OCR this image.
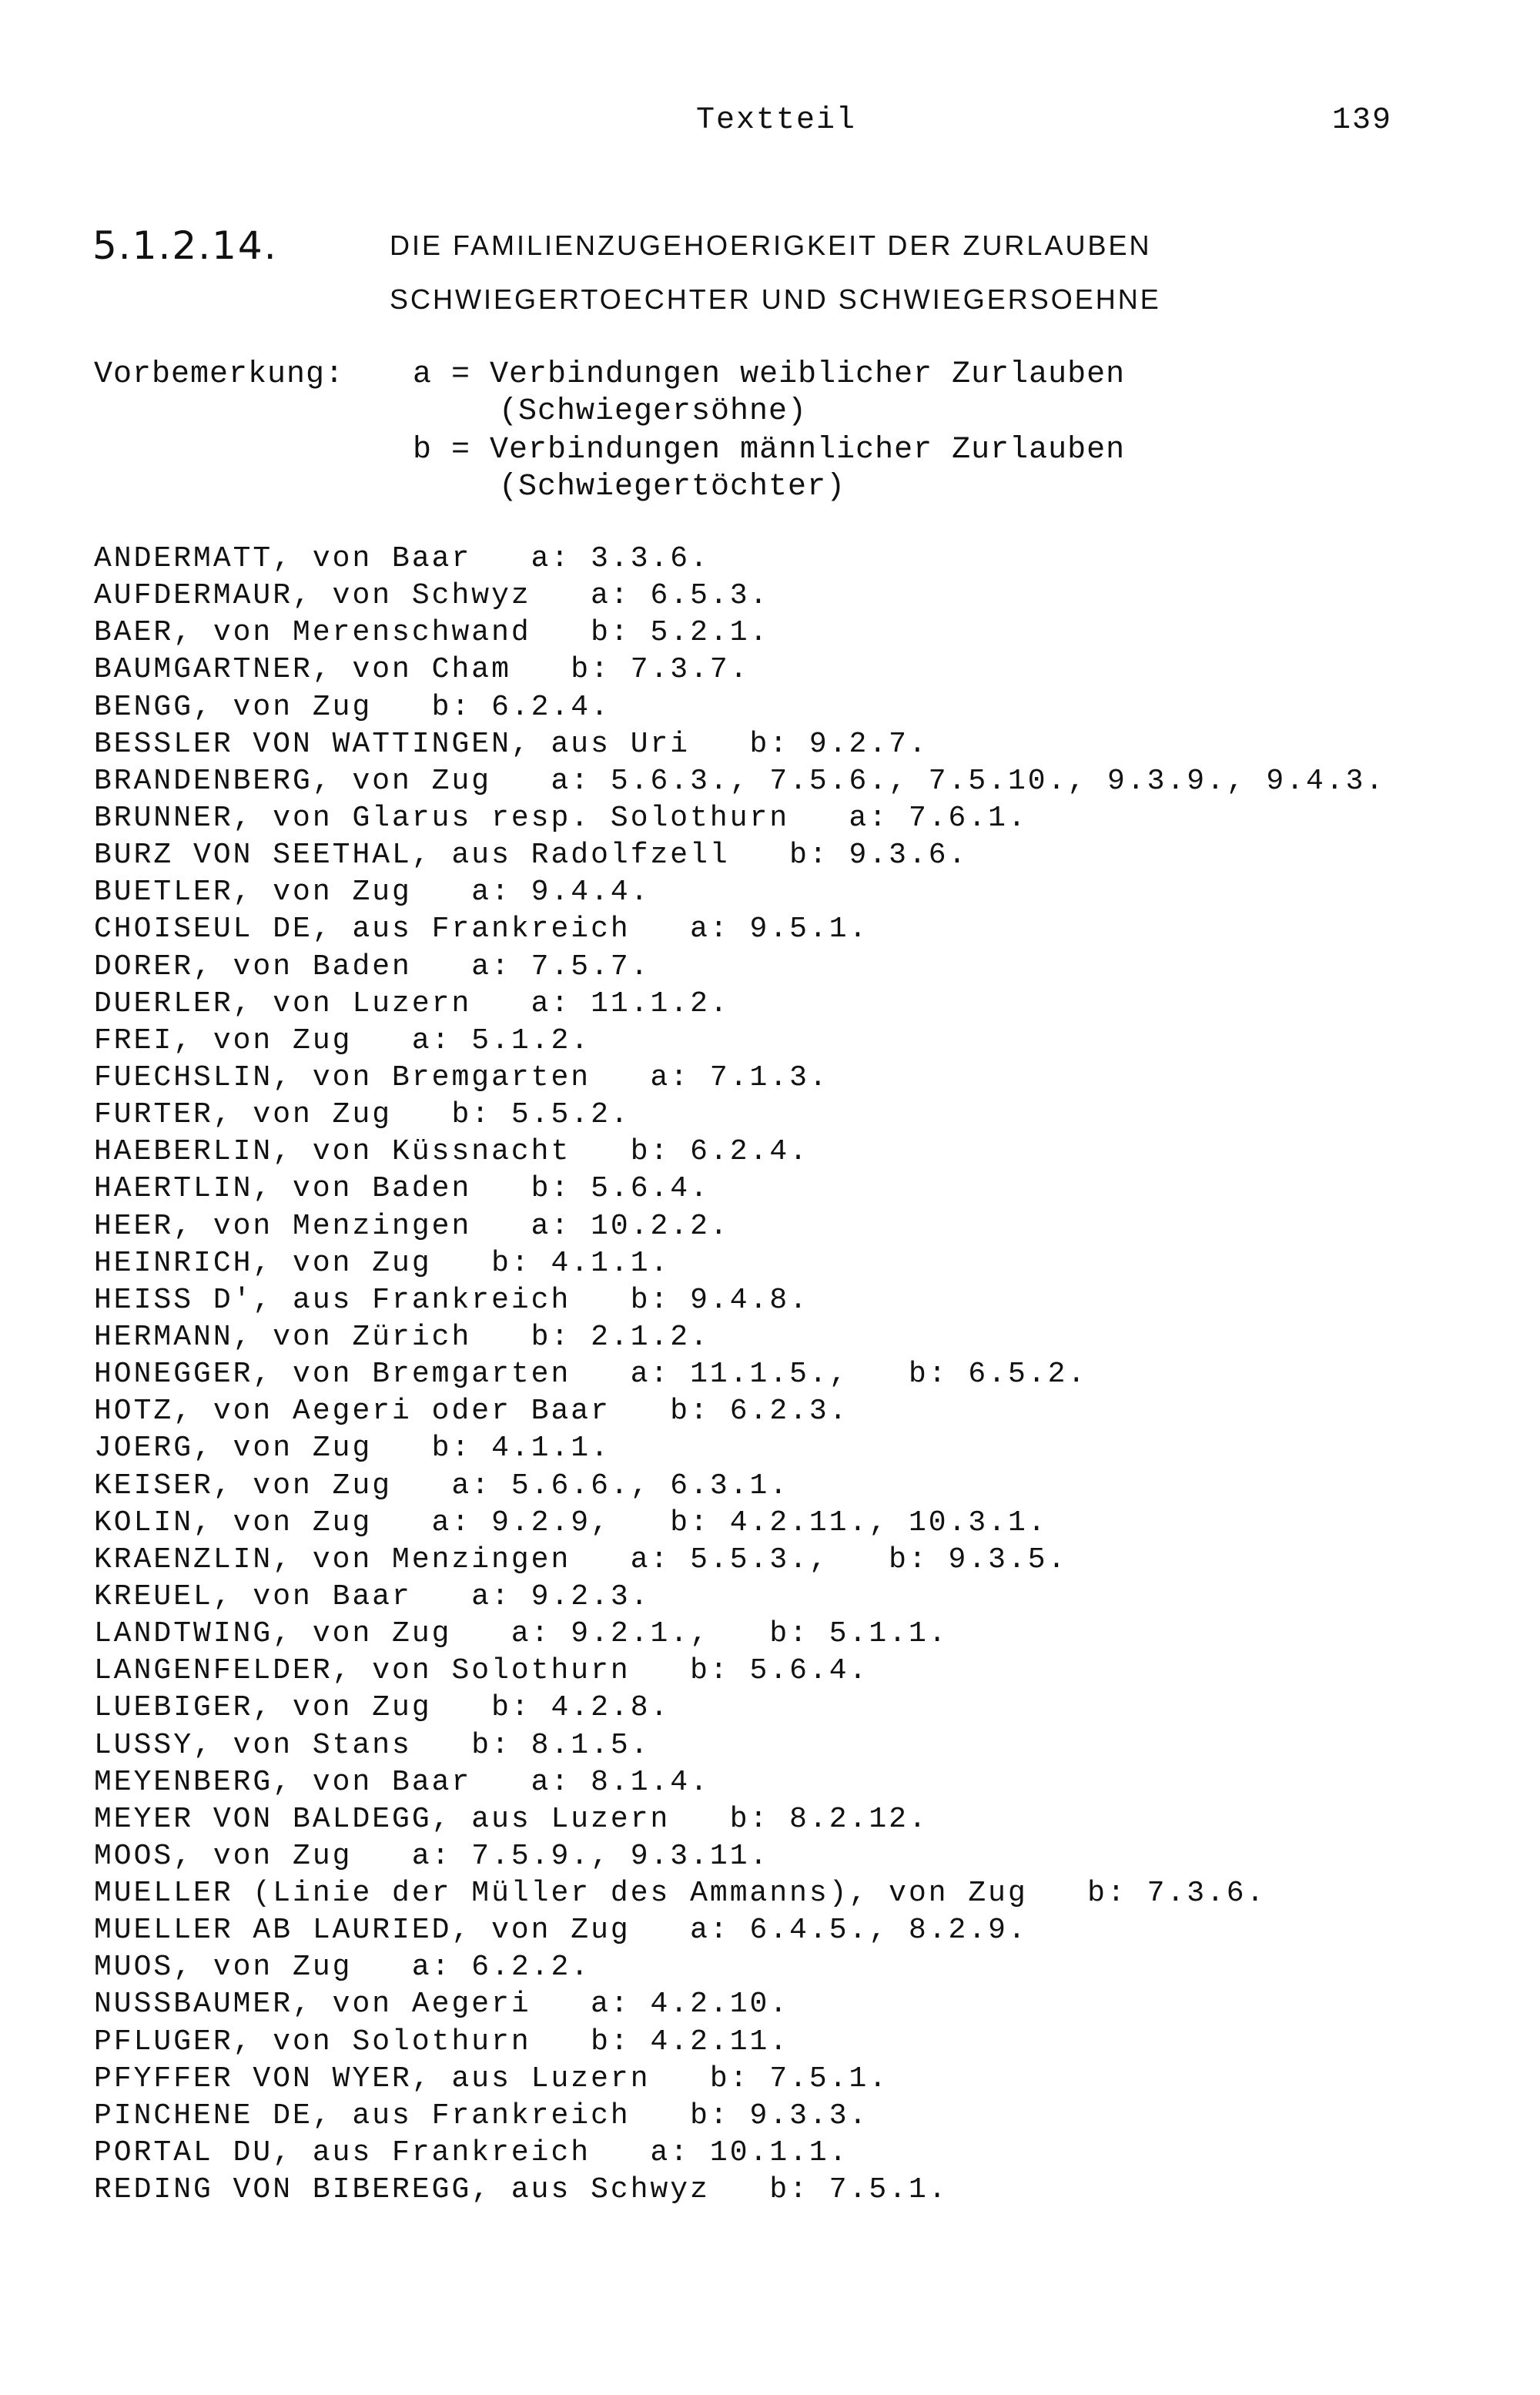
Textteil	139
5.1.2.14.	DIE FAMILIENZUGEHOERIGKEIT DER ZURLAUBEN
SCHWIEGERTOECHTER UND SCHWIEGERSOEHNE
Vorbemerkung: a = Verbindungen weiblicher Zurlauben
(Schwiegersöhne)
b = Verbindungen männlicher Zurlauben
(Schwiegertöchter)
ANDERMATT, von Baar   a: 3.3.6.
AUFDERMAUR, von Schwyz   a: 6.5.3.
BAER, von Merenschwand   b: 5.2.1.
BAUMGARTNER, von Cham   b: 7.3.7.
BENGG, von Zug   b: 6.2.4.
BESSLER VON WATTINGEN, aus Uri   b: 9.2.7.
BRANDENBERG, von Zug   a: 5.6.3., 7.5.6., 7.5.10., 9.3.9., 9.4.3.
BRUNNER, von Glarus resp. Solothurn   a: 7.6.1.
BURZ VON SEETHAL, aus Radolfzell   b: 9.3.6.
BUETLER, von Zug   a: 9.4.4.
CHOISEUL DE, aus Frankreich   a: 9.5.1.
DORER, von Baden   a: 7.5.7.
DUERLER, von Luzern   a: 11.1.2.
FREI, von Zug   a: 5.1.2.
FUECHSLIN, von Bremgarten   a: 7.1.3.
FURTER, von Zug   b: 5.5.2.
HAEBERLIN, von Küssnacht   b: 6.2.4.
HAERTLIN, von Baden   b: 5.6.4.
HEER, von Menzingen   a: 10.2.2.
HEINRICH, von Zug   b: 4.1.1.
HEISS D', aus Frankreich   b: 9.4.8.
HERMANN, von Zürich   b: 2.1.2.
HONEGGER, von Bremgarten   a: 11.1.5.,   b: 6.5.2.
HOTZ, von Aegeri oder Baar   b: 6.2.3.
JOERG, von Zug   b: 4.1.1.
KEISER, von Zug   a: 5.6.6., 6.3.1.
KOLIN, von Zug   a: 9.2.9,   b: 4.2.11., 10.3.1.
KRAENZLIN, von Menzingen   a: 5.5.3.,   b: 9.3.5.
KREUEL, von Baar   a: 9.2.3.
LANDTWING, von Zug   a: 9.2.1.,   b: 5.1.1.
LANGENFELDER, von Solothurn   b: 5.6.4.
LUEBIGER, von Zug   b: 4.2.8.
LUSSY, von Stans   b: 8.1.5.
MEYENBERG, von Baar   a: 8.1.4.
MEYER VON BALDEGG, aus Luzern   b: 8.2.12.
MOOS, von Zug   a: 7.5.9., 9.3.11.
MUELLER (Linie der Müller des Ammanns), von Zug   b: 7.3.6.
MUELLER AB LAURIED, von Zug   a: 6.4.5., 8.2.9.
MUOS, von Zug   a: 6.2.2.
NUSSBAUMER, von Aegeri   a: 4.2.10.
PFLUGER, von Solothurn   b: 4.2.11.
PFYFFER VON WYER, aus Luzern   b: 7.5.1.
PINCHENE DE, aus Frankreich   b: 9.3.3.
PORTAL DU, aus Frankreich   a: 10.1.1.
REDING VON BIBEREGG, aus Schwyz   b: 7.5.1.
